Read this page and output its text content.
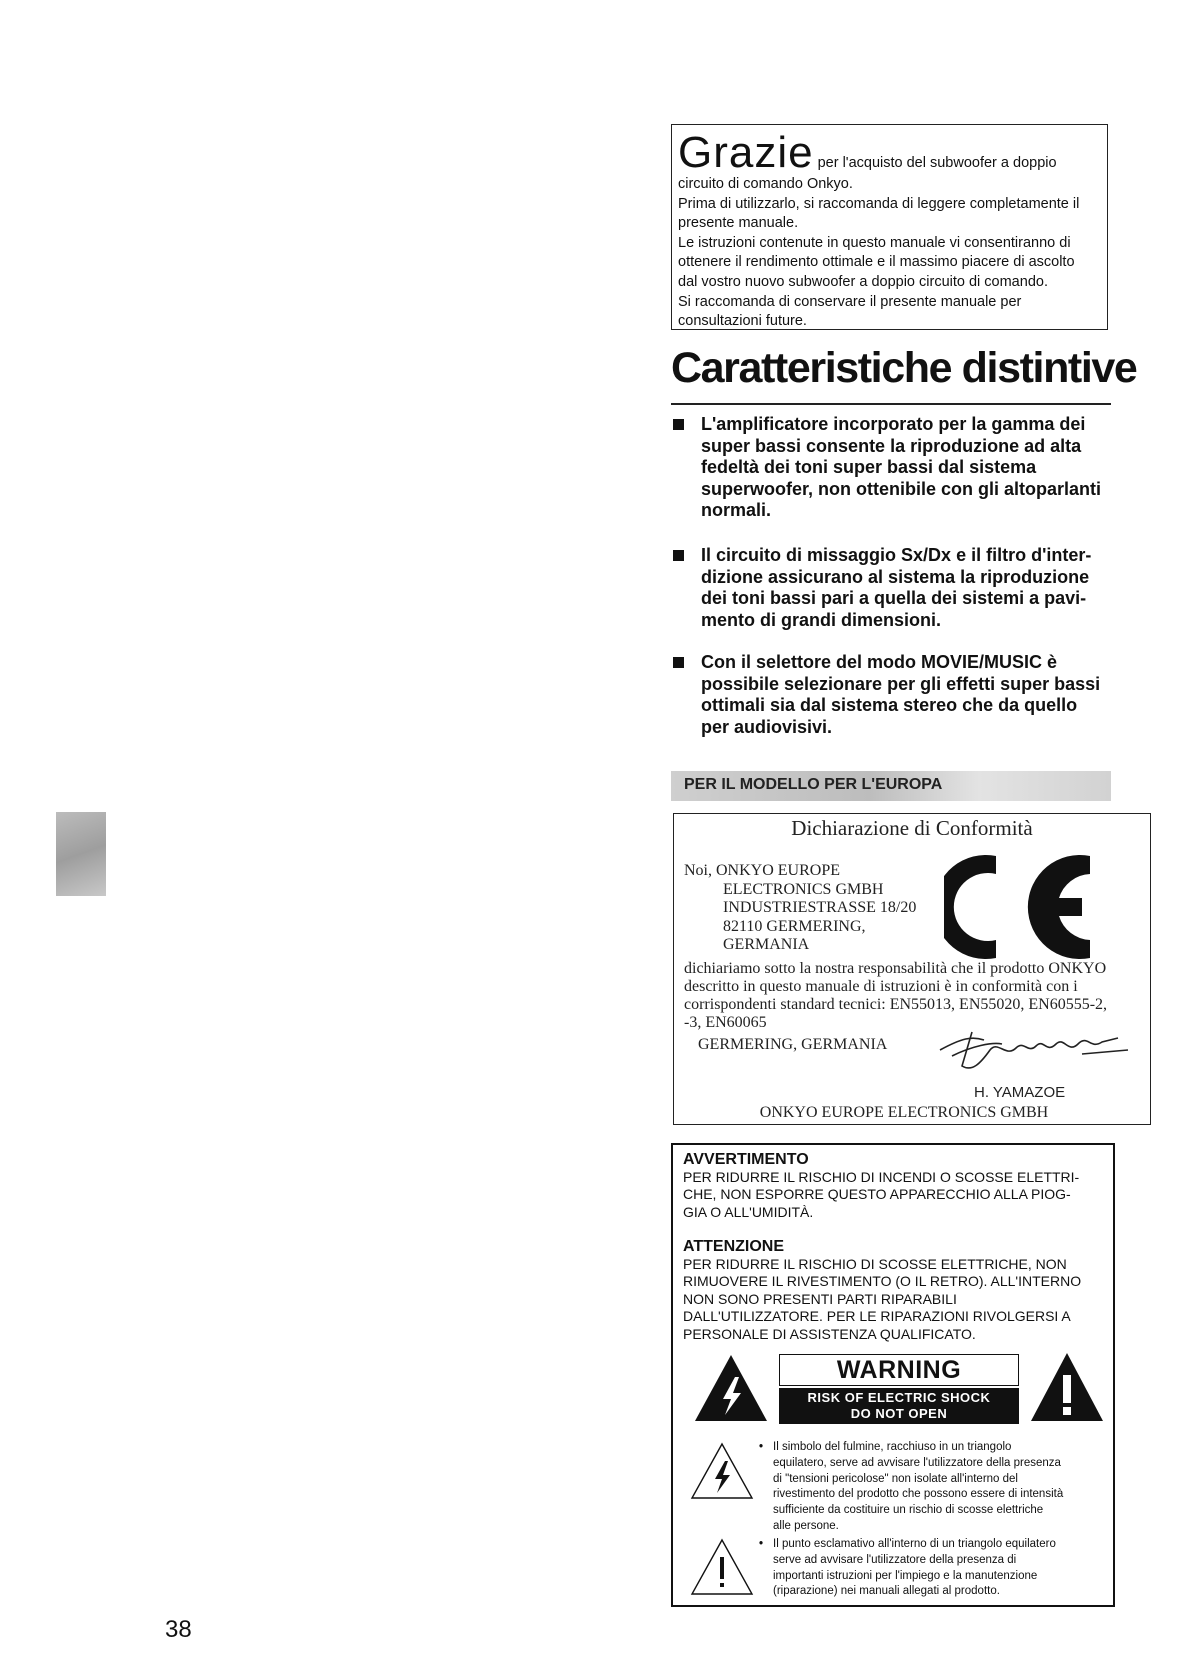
Grazie per l'acquisto del subwoofer a doppio

circuito di comando Onkyo.

Prima di utilizzarlo, si raccomanda di leggere completamente il

presente manuale.

Le istruzioni contenute in questo manuale vi consentiranno di

ottenere il rendimento ottimale e il massimo piacere di ascolto

dal vostro nuovo subwoofer a doppio circuito di comando.

Si raccomanda di conservare il presente manuale per

consultazioni future.

Caratteristiche distintive
L'amplificatore incorporato per la gamma dei
super bassi consente la riproduzione ad alta
fedeltà dei toni super bassi dal sistema
superwoofer, non ottenibile con gli altoparlanti
normali.
Il circuito di missaggio Sx/Dx e il filtro d'inter-
dizione assicurano al sistema la riproduzione
dei toni bassi pari a quella dei sistemi a pavi-
mento di grandi dimensioni.
Con il selettore del modo MOVIE/MUSIC è
possibile selezionare per gli effetti super bassi
ottimali sia dal sistema stereo che da quello
per audiovisivi.
PER IL MODELLO PER L'EUROPA
Dichiarazione di Conformità
Noi, ONKYO EUROPE
ELECTRONICS GMBH
INDUSTRIESTRASSE 18/20
82110 GERMERING,
GERMANIA
dichiariamo sotto la nostra responsabilità che il prodotto ONKYO
descritto in questo manuale di istruzioni è in conformità con i
corrispondenti standard tecnici: EN55013, EN55020, EN60555-2,
-3, EN60065
GERMERING, GERMANIA
H. YAMAZOE
ONKYO EUROPE ELECTRONICS GMBH
AVVERTIMENTO
PER RIDURRE IL RISCHIO DI INCENDI O SCOSSE ELETTRI-
CHE, NON ESPORRE QUESTO APPARECCHIO ALLA PIOG-
GIA O ALL'UMIDITÀ.
ATTENZIONE
PER RIDURRE IL RISCHIO DI SCOSSE ELETTRICHE, NON
RIMUOVERE IL RIVESTIMENTO (O IL RETRO). ALL'INTERNO
NON SONO PRESENTI PARTI RIPARABILI
DALL'UTILIZZATORE. PER LE RIPARAZIONI RIVOLGERSI A
PERSONALE DI ASSISTENZA QUALIFICATO.
WARNING
RISK OF ELECTRIC SHOCK
DO NOT OPEN
• Il simbolo del fulmine, racchiuso in un triangolo
equilatero, serve ad avvisare l'utilizzatore della presenza
di "tensioni pericolose" non isolate all'interno del
rivestimento del prodotto che possono essere di intensità
sufficiente da costituire un rischio di scosse elettriche
alle persone.
• Il punto esclamativo all'interno di un triangolo equilatero
serve ad avvisare l'utilizzatore della presenza di
importanti istruzioni per l'impiego e la manutenzione
(riparazione) nei manuali allegati al prodotto.
38
